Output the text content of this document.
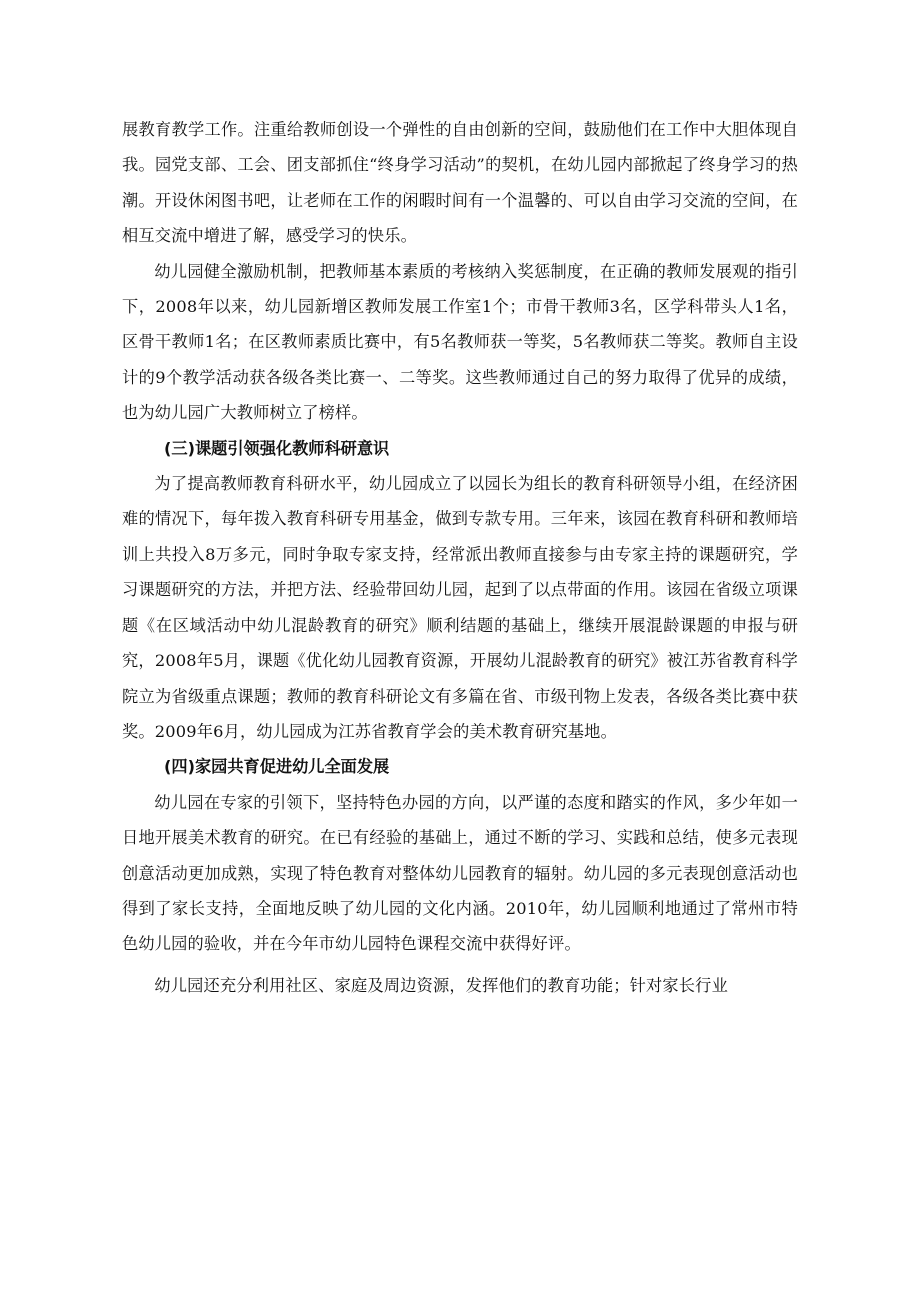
展教育教学工作。注重给教师创设一个弹性的自由创新的空间，鼓励他们在工作中大胆体现自我。园党支部、工会、团支部抓住“终身学习活动”的契机，在幼儿园内部掀起了终身学习的热潮。开设休闲图书吧，让老师在工作的闲暇时间有一个温馨的、可以自由学习交流的空间，在相互交流中增进了解，感受学习的快乐。

幼儿园健全激励机制，把教师基本素质的考核纳入奖惩制度，在正确的教师发展观的指引下，2008年以来，幼儿园新增区教师发展工作室1个；市骨干教师3名，区学科带头人1名，区骨干教师1名；在区教师素质比赛中，有5名教师获一等奖，5名教师获二等奖。教师自主设计的9个教学活动获各级各类比赛一、二等奖。这些教师通过自己的努力取得了优异的成绩，也为幼儿园广大教师树立了榜样。

(三)课题引领强化教师科研意识

为了提高教师教育科研水平，幼儿园成立了以园长为组长的教育科研领导小组，在经济困难的情况下，每年拨入教育科研专用基金，做到专款专用。三年来，该园在教育科研和教师培训上共投入8万多元，同时争取专家支持，经常派出教师直接参与由专家主持的课题研究，学习课题研究的方法，并把方法、经验带回幼儿园，起到了以点带面的作用。该园在省级立项课题《在区域活动中幼儿混龄教育的研究》顺利结题的基础上，继续开展混龄课题的申报与研究，2008年5月，课题《优化幼儿园教育资源，开展幼儿混龄教育的研究》被江苏省教育科学院立为省级重点课题；教师的教育科研论文有多篇在省、市级刊物上发表，各级各类比赛中获奖。2009年6月，幼儿园成为江苏省教育学会的美术教育研究基地。

(四)家园共育促进幼儿全面发展

幼儿园在专家的引领下，坚持特色办园的方向，以严谨的态度和踏实的作风，多少年如一日地开展美术教育的研究。在已有经验的基础上，通过不断的学习、实践和总结，使多元表现创意活动更加成熟，实现了特色教育对整体幼儿园教育的辐射。幼儿园的多元表现创意活动也得到了家长支持，全面地反映了幼儿园的文化内涵。2010年，幼儿园顺利地通过了常州市特色幼儿园的验收，并在今年市幼儿园特色课程交流中获得好评。

幼儿园还充分利用社区、家庭及周边资源，发挥他们的教育功能；针对家长行业
